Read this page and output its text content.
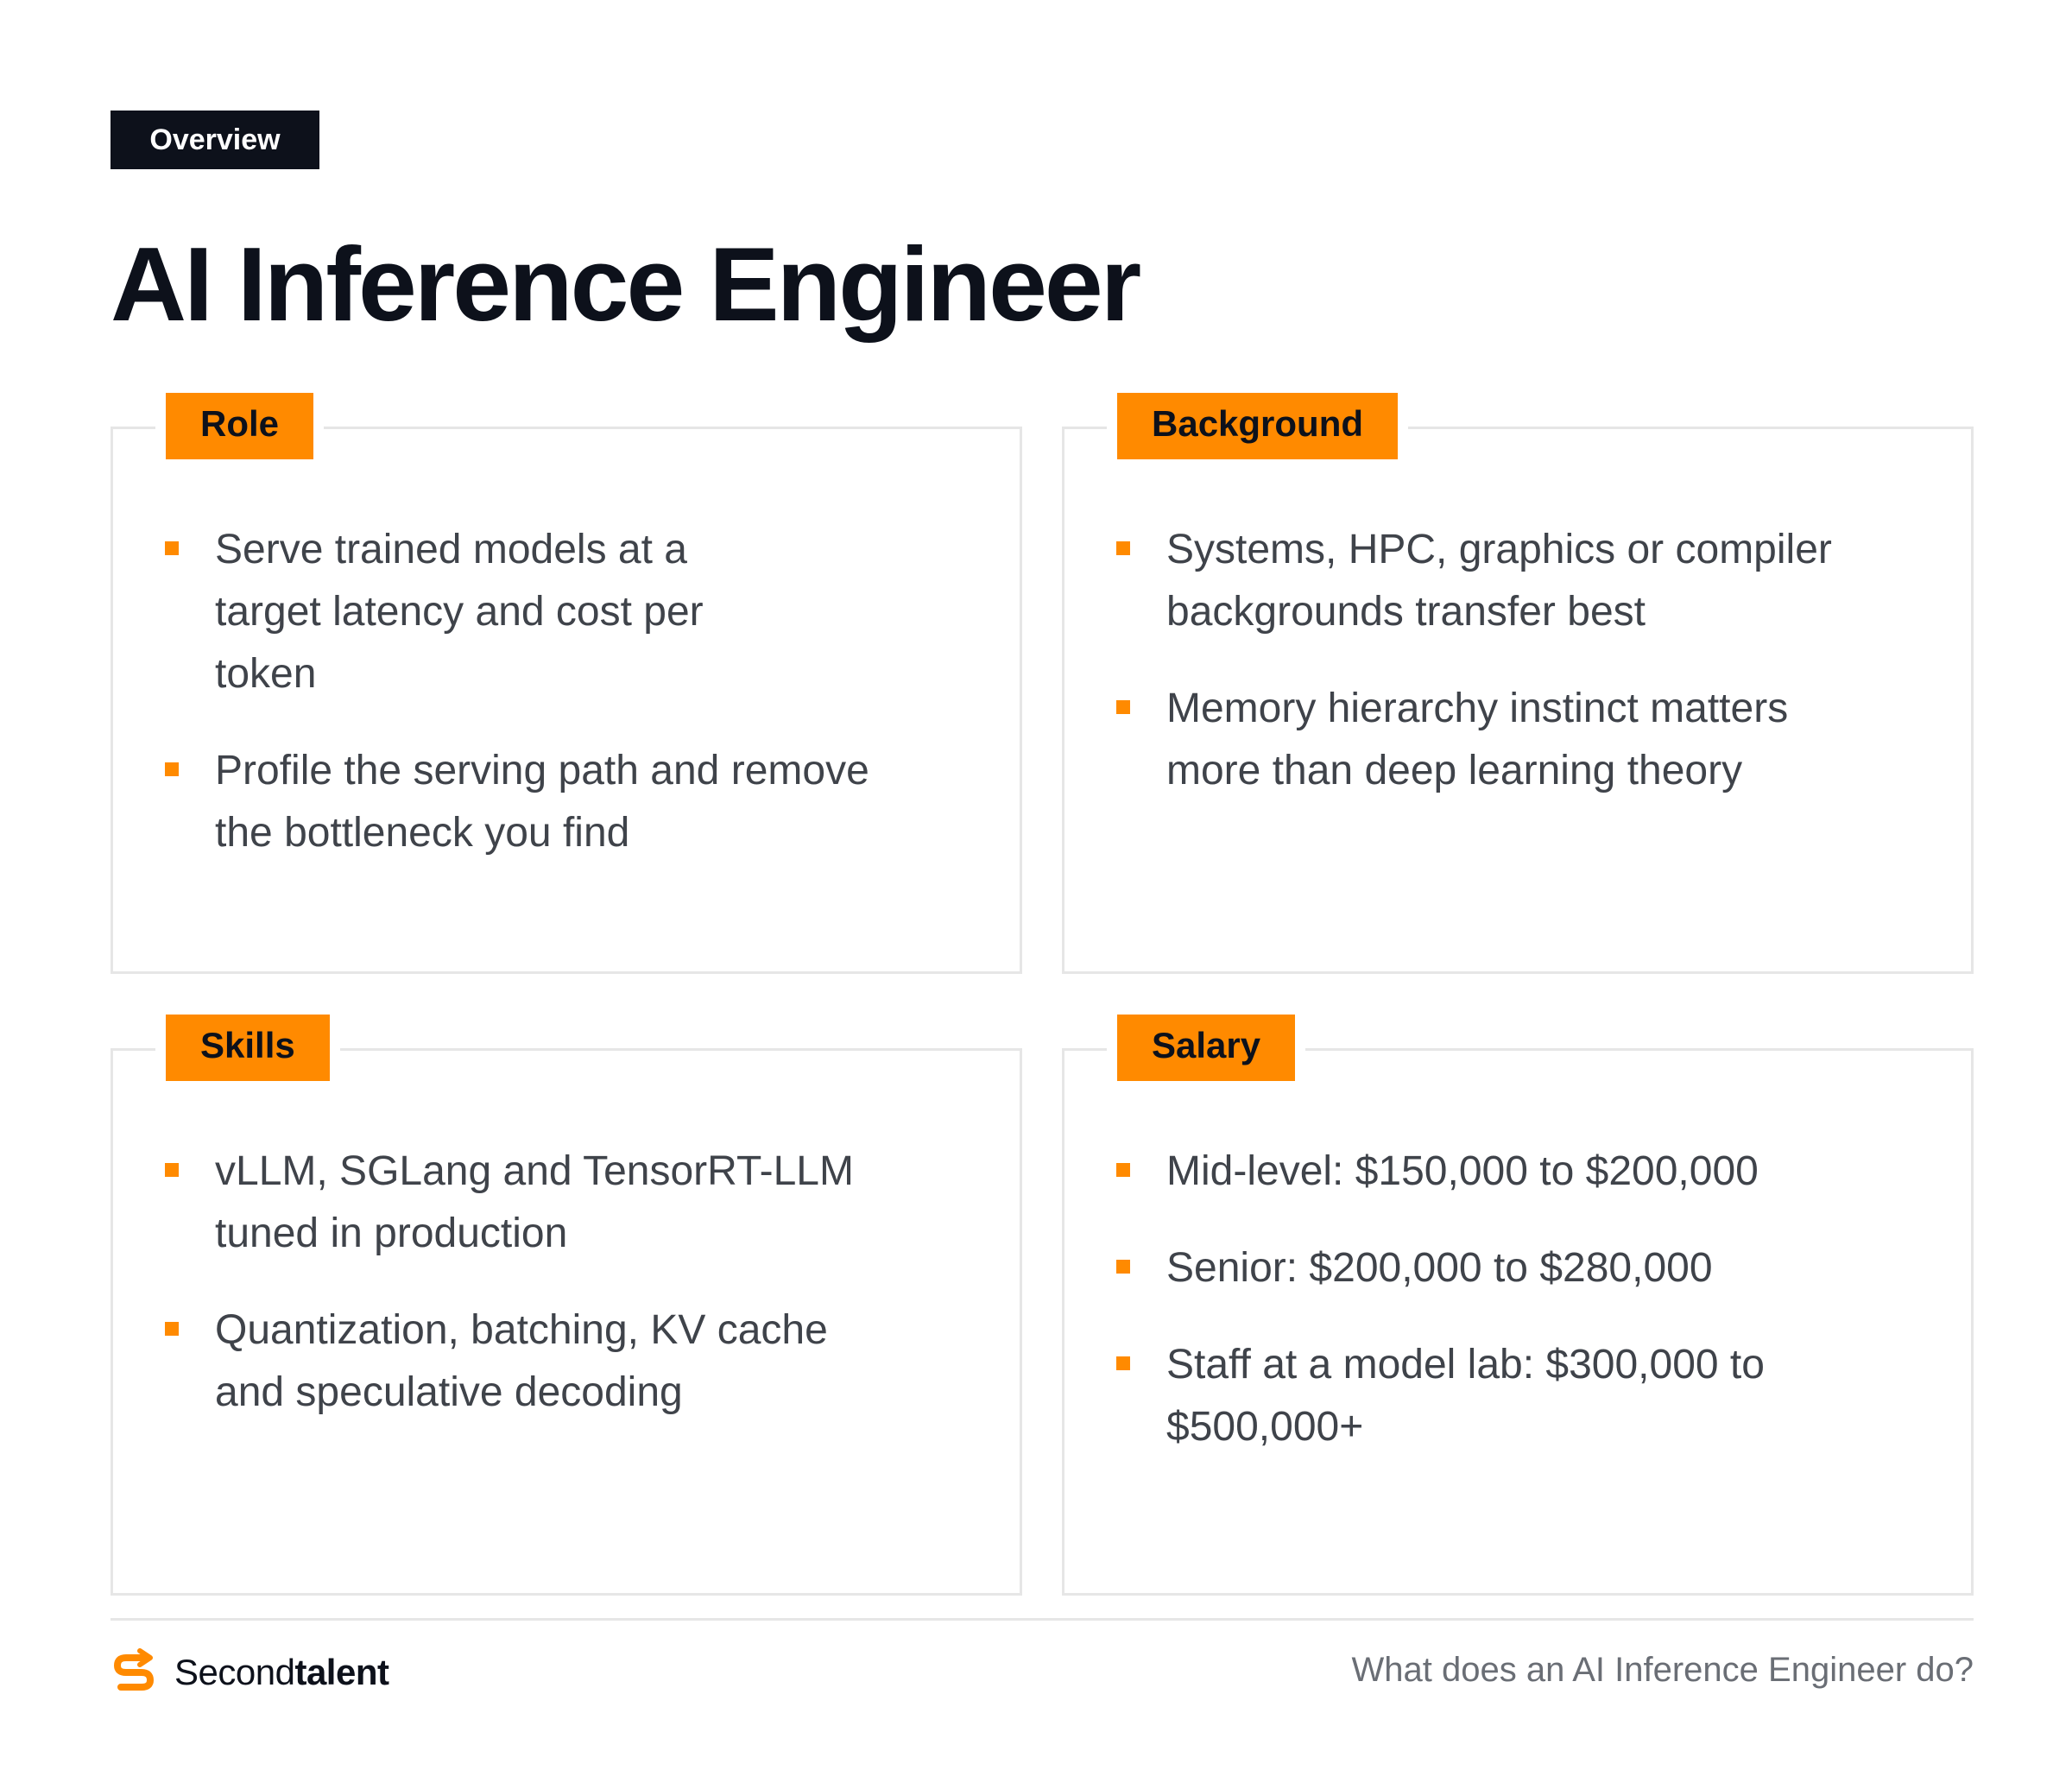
Overview
AI Inference Engineer
Role
Serve trained models at a target latency and cost per token
Profile the serving path and remove the bottleneck you find
Background
Systems, HPC, graphics or compiler backgrounds transfer best
Memory hierarchy instinct matters more than deep learning theory
Skills
vLLM, SGLang and TensorRT-LLM tuned in production
Quantization, batching, KV cache and speculative decoding
Salary
Mid-level: $150,000 to $200,000
Senior: $200,000 to $280,000
Staff at a model lab: $300,000 to $500,000+
Secondtalent	What does an AI Inference Engineer do?
